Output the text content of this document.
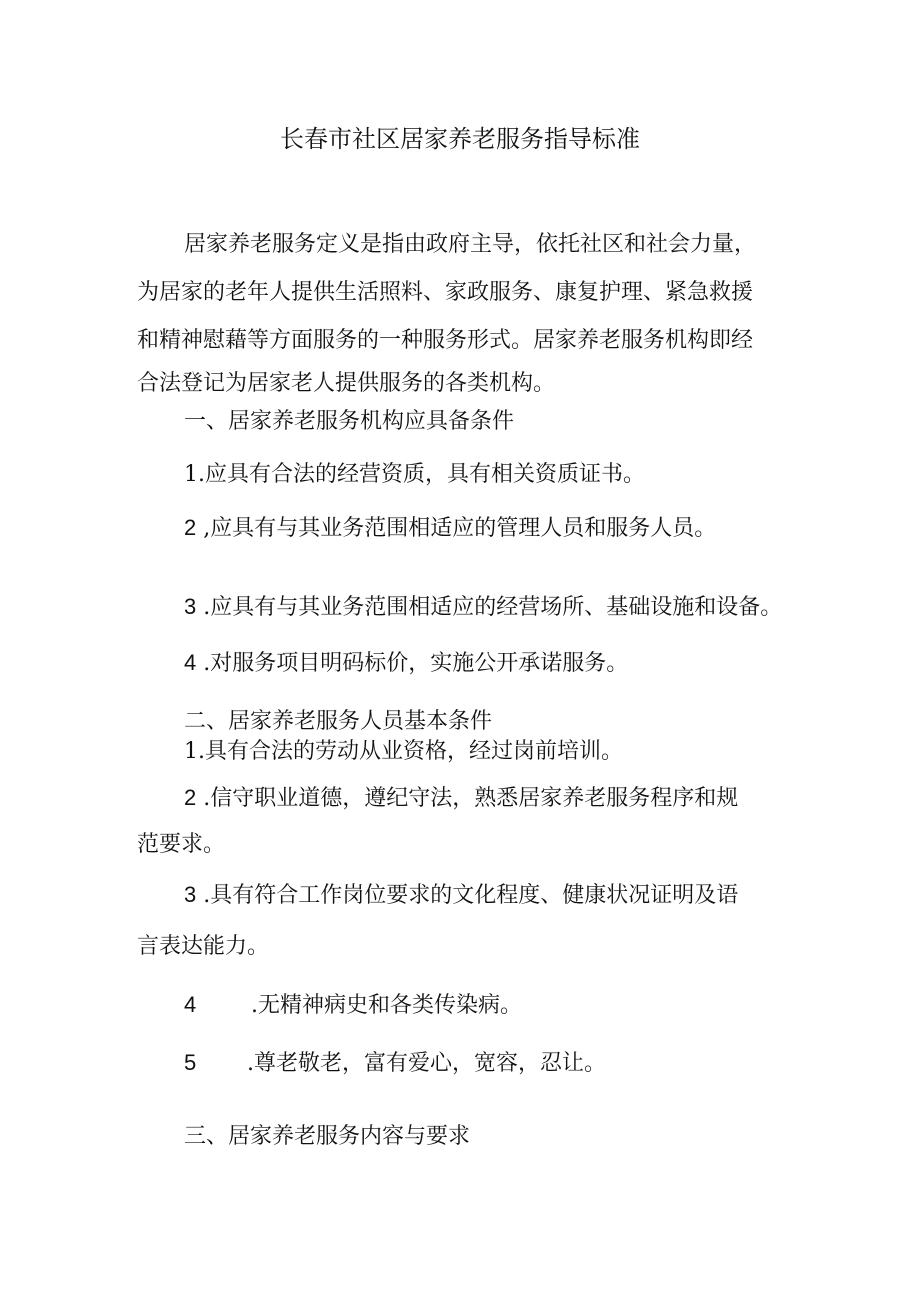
长春市社区居家养老服务指导标准

居家养老服务定义是指由政府主导，依托社区和社会力量，

为居家的老年人提供生活照料、家政服务、康复护理、紧急救援

和精神慰藉等方面服务的一种服务形式。居家养老服务机构即经

合法登记为居家老人提供服务的各类机构。

一、居家养老服务机构应具备条件

1.应具有合法的经营资质，具有相关资质证书。

2 ,应具有与其业务范围相适应的管理人员和服务人员。

3 .应具有与其业务范围相适应的经营场所、基础设施和设备。

4 .对服务项目明码标价，实施公开承诺服务。

二、居家养老服务人员基本条件

1.具有合法的劳动从业资格，经过岗前培训。

2 .信守职业道德，遵纪守法，熟悉居家养老服务程序和规

范要求。

3 .具有符合工作岗位要求的文化程度、健康状况证明及语

言表达能力。

4 .无精神病史和各类传染病。

5 .尊老敬老，富有爱心，宽容，忍让。

三、居家养老服务内容与要求
